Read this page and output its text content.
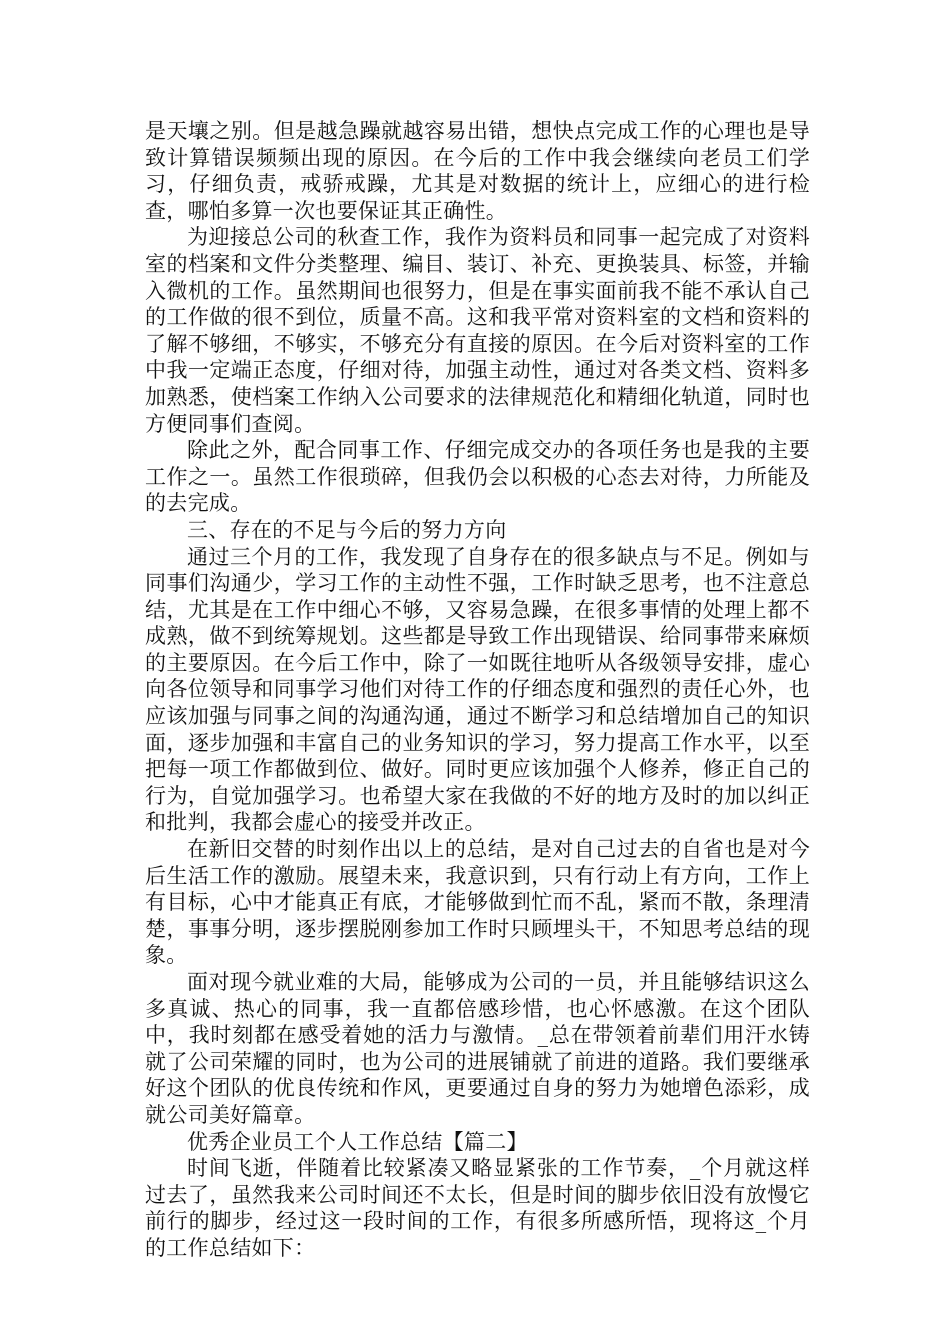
是天壤之别。但是越急躁就越容易出错，想快点完成工作的心理也是导致计算错误频频出现的原因。在今后的工作中我会继续向老员工们学习，仔细负责，戒骄戒躁，尤其是对数据的统计上，应细心的进行检查，哪怕多算一次也要保证其正确性。

为迎接总公司的秋查工作，我作为资料员和同事一起完成了对资料室的档案和文件分类整理、编目、装订、补充、更换装具、标签，并输入微机的工作。虽然期间也很努力，但是在事实面前我不能不承认自己的工作做的很不到位，质量不高。这和我平常对资料室的文档和资料的了解不够细，不够实，不够充分有直接的原因。在今后对资料室的工作中我一定端正态度，仔细对待，加强主动性，通过对各类文档、资料多加熟悉，使档案工作纳入公司要求的法律规范化和精细化轨道，同时也方便同事们查阅。

除此之外，配合同事工作、仔细完成交办的各项任务也是我的主要工作之一。虽然工作很琐碎，但我仍会以积极的心态去对待，力所能及的去完成。

三、存在的不足与今后的努力方向

通过三个月的工作，我发现了自身存在的很多缺点与不足。例如与同事们沟通少，学习工作的主动性不强，工作时缺乏思考，也不注意总结，尤其是在工作中细心不够，又容易急躁，在很多事情的处理上都不成熟，做不到统筹规划。这些都是导致工作出现错误、给同事带来麻烦的主要原因。在今后工作中，除了一如既往地听从各级领导安排，虚心向各位领导和同事学习他们对待工作的仔细态度和强烈的责任心外，也应该加强与同事之间的沟通沟通，通过不断学习和总结增加自己的知识面，逐步加强和丰富自己的业务知识的学习，努力提高工作水平，以至把每一项工作都做到位、做好。同时更应该加强个人修养，修正自己的行为，自觉加强学习。也希望大家在我做的不好的地方及时的加以纠正和批判，我都会虚心的接受并改正。

在新旧交替的时刻作出以上的总结，是对自己过去的自省也是对今后生活工作的激励。展望未来，我意识到，只有行动上有方向，工作上有目标，心中才能真正有底，才能够做到忙而不乱，紧而不散，条理清楚，事事分明，逐步摆脱刚参加工作时只顾埋头干，不知思考总结的现象。

面对现今就业难的大局，能够成为公司的一员，并且能够结识这么多真诚、热心的同事，我一直都倍感珍惜，也心怀感激。在这个团队中，我时刻都在感受着她的活力与激情。_总在带领着前辈们用汗水铸就了公司荣耀的同时，也为公司的进展铺就了前进的道路。我们要继承好这个团队的优良传统和作风，更要通过自身的努力为她增色添彩，成就公司美好篇章。

优秀企业员工个人工作总结【篇二】

时间飞逝，伴随着比较紧凑又略显紧张的工作节奏，_个月就这样过去了，虽然我来公司时间还不太长，但是时间的脚步依旧没有放慢它前行的脚步，经过这一段时间的工作，有很多所感所悟，现将这_个月的工作总结如下：
